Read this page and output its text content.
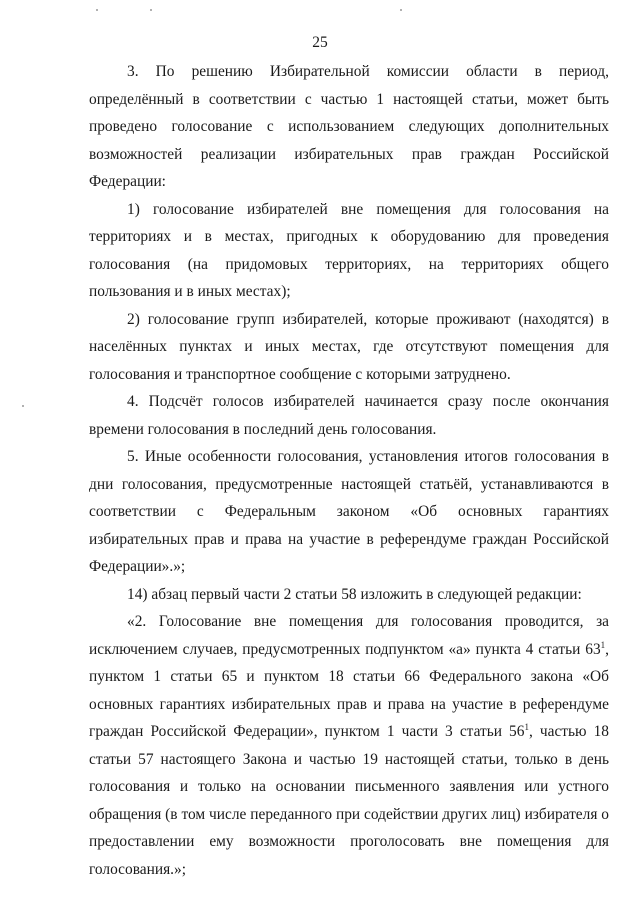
25

3. По решению Избирательной комиссии области в период, определённый в соответствии с частью 1 настоящей статьи, может быть проведено голосование с использованием следующих дополнительных возможностей реализации избирательных прав граждан Российской Федерации:

1) голосование избирателей вне помещения для голосования на территориях и в местах, пригодных к оборудованию для проведения голосования (на придомовых территориях, на территориях общего пользования и в иных местах);

2) голосование групп избирателей, которые проживают (находятся) в населённых пунктах и иных местах, где отсутствуют помещения для голосования и транспортное сообщение с которыми затруднено.

4. Подсчёт голосов избирателей начинается сразу после окончания времени голосования в последний день голосования.

5. Иные особенности голосования, установления итогов голосования в дни голосования, предусмотренные настоящей статьёй, устанавливаются в соответствии с Федеральным законом «Об основных гарантиях избирательных прав и права на участие в референдуме граждан Российской Федерации».»;

14) абзац первый части 2 статьи 58 изложить в следующей редакции:

«2. Голосование вне помещения для голосования проводится, за исключением случаев, предусмотренных подпунктом «а» пункта 4 статьи $63^1$, пунктом 1 статьи 65 и пунктом 18 статьи 66 Федерального закона «Об основных гарантиях избирательных прав и права на участие в референдуме граждан Российской Федерации», пунктом 1 части 3 статьи $56^1$, частью 18 статьи 57 настоящего Закона и частью 19 настоящей статьи, только в день голосования и только на основании письменного заявления или устного обращения (в том числе переданного при содействии других лиц) избирателя о предоставлении ему возможности проголосовать вне помещения для голосования.»;
